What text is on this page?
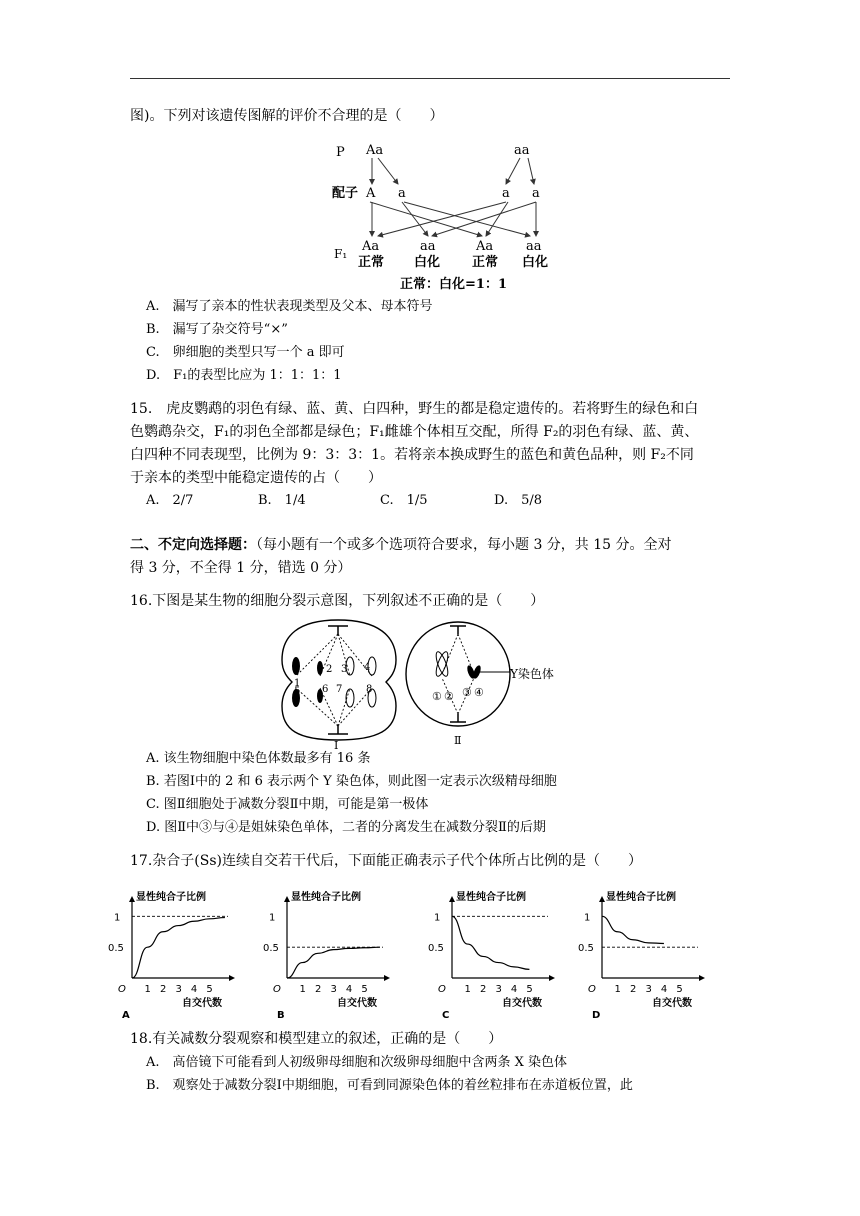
图)。下列对该遗传图解的评价不合理的是（　　）
P Aa	aa
配子 A a	a a
F₁ Aa	aa	Aa	aa
正常 白化 正常 白化
正常：白化=1：1
A.　漏写了亲本的性状表现类型及父本、母本符号
B.　漏写了杂交符号“×”
C.　卵细胞的类型只写一个 a 即可
D.　F₁的表型比应为 1：1：1：1
15.　虎皮鹦鹉的羽色有绿、蓝、黄、白四种，野生的都是稳定遗传的。若将野生的绿色和白
色鹦鹉杂交，F₁的羽色全部都是绿色；F₁雌雄个体相互交配，所得 F₂的羽色有绿、蓝、黄、
白四种不同表现型，比例为 9：3：3：1。若将亲本换成野生的蓝色和黄色品种，则 F₂不同
于亲本的类型中能稳定遗传的占（　　）
A.　2/7	B.　1/4	C.　1/5	D.　5/8
二、不定向选择题：（每小题有一个或多个选项符合要求，每小题 3 分，共 15 分。全对
得 3 分，不全得 1 分，错选 0 分）
16.下图是某生物的细胞分裂示意图，下列叙述不正确的是（　　）
1
2 3 4
5 6 7 8
Ⅰ
Y染色体
① ② ③ ④
Ⅱ
A. 该生物细胞中染色体数最多有 16 条
B. 若图Ⅰ中的 2 和 6 表示两个 Y 染色体，则此图一定表示次级精母细胞
C. 图Ⅱ细胞处于减数分裂Ⅱ中期，可能是第一极体
D. 图Ⅱ中③与④是姐妹染色单体，二者的分离发生在减数分裂Ⅱ的后期
17.杂合子(Ss)连续自交若干代后，下面能正确表示子代个体所占比例的是（　　）
显性纯合子比例
1
0.5
O 1 2 3 4 5
自交代数
A
显性纯合子比例
1
0.5
O 1 2 3 4 5
自交代数
B
显性纯合子比例
1
0.5
O 1 2 3 4 5
自交代数
C
显性纯合子比例
1
0.5
O 1 2 3 4 5
自交代数
D
18.有关减数分裂观察和模型建立的叙述，正确的是（　　）
A.　高倍镜下可能看到人初级卵母细胞和次级卵母细胞中含两条 X 染色体
B.　观察处于减数分裂Ⅰ中期细胞，可看到同源染色体的着丝粒排布在赤道板位置，此
